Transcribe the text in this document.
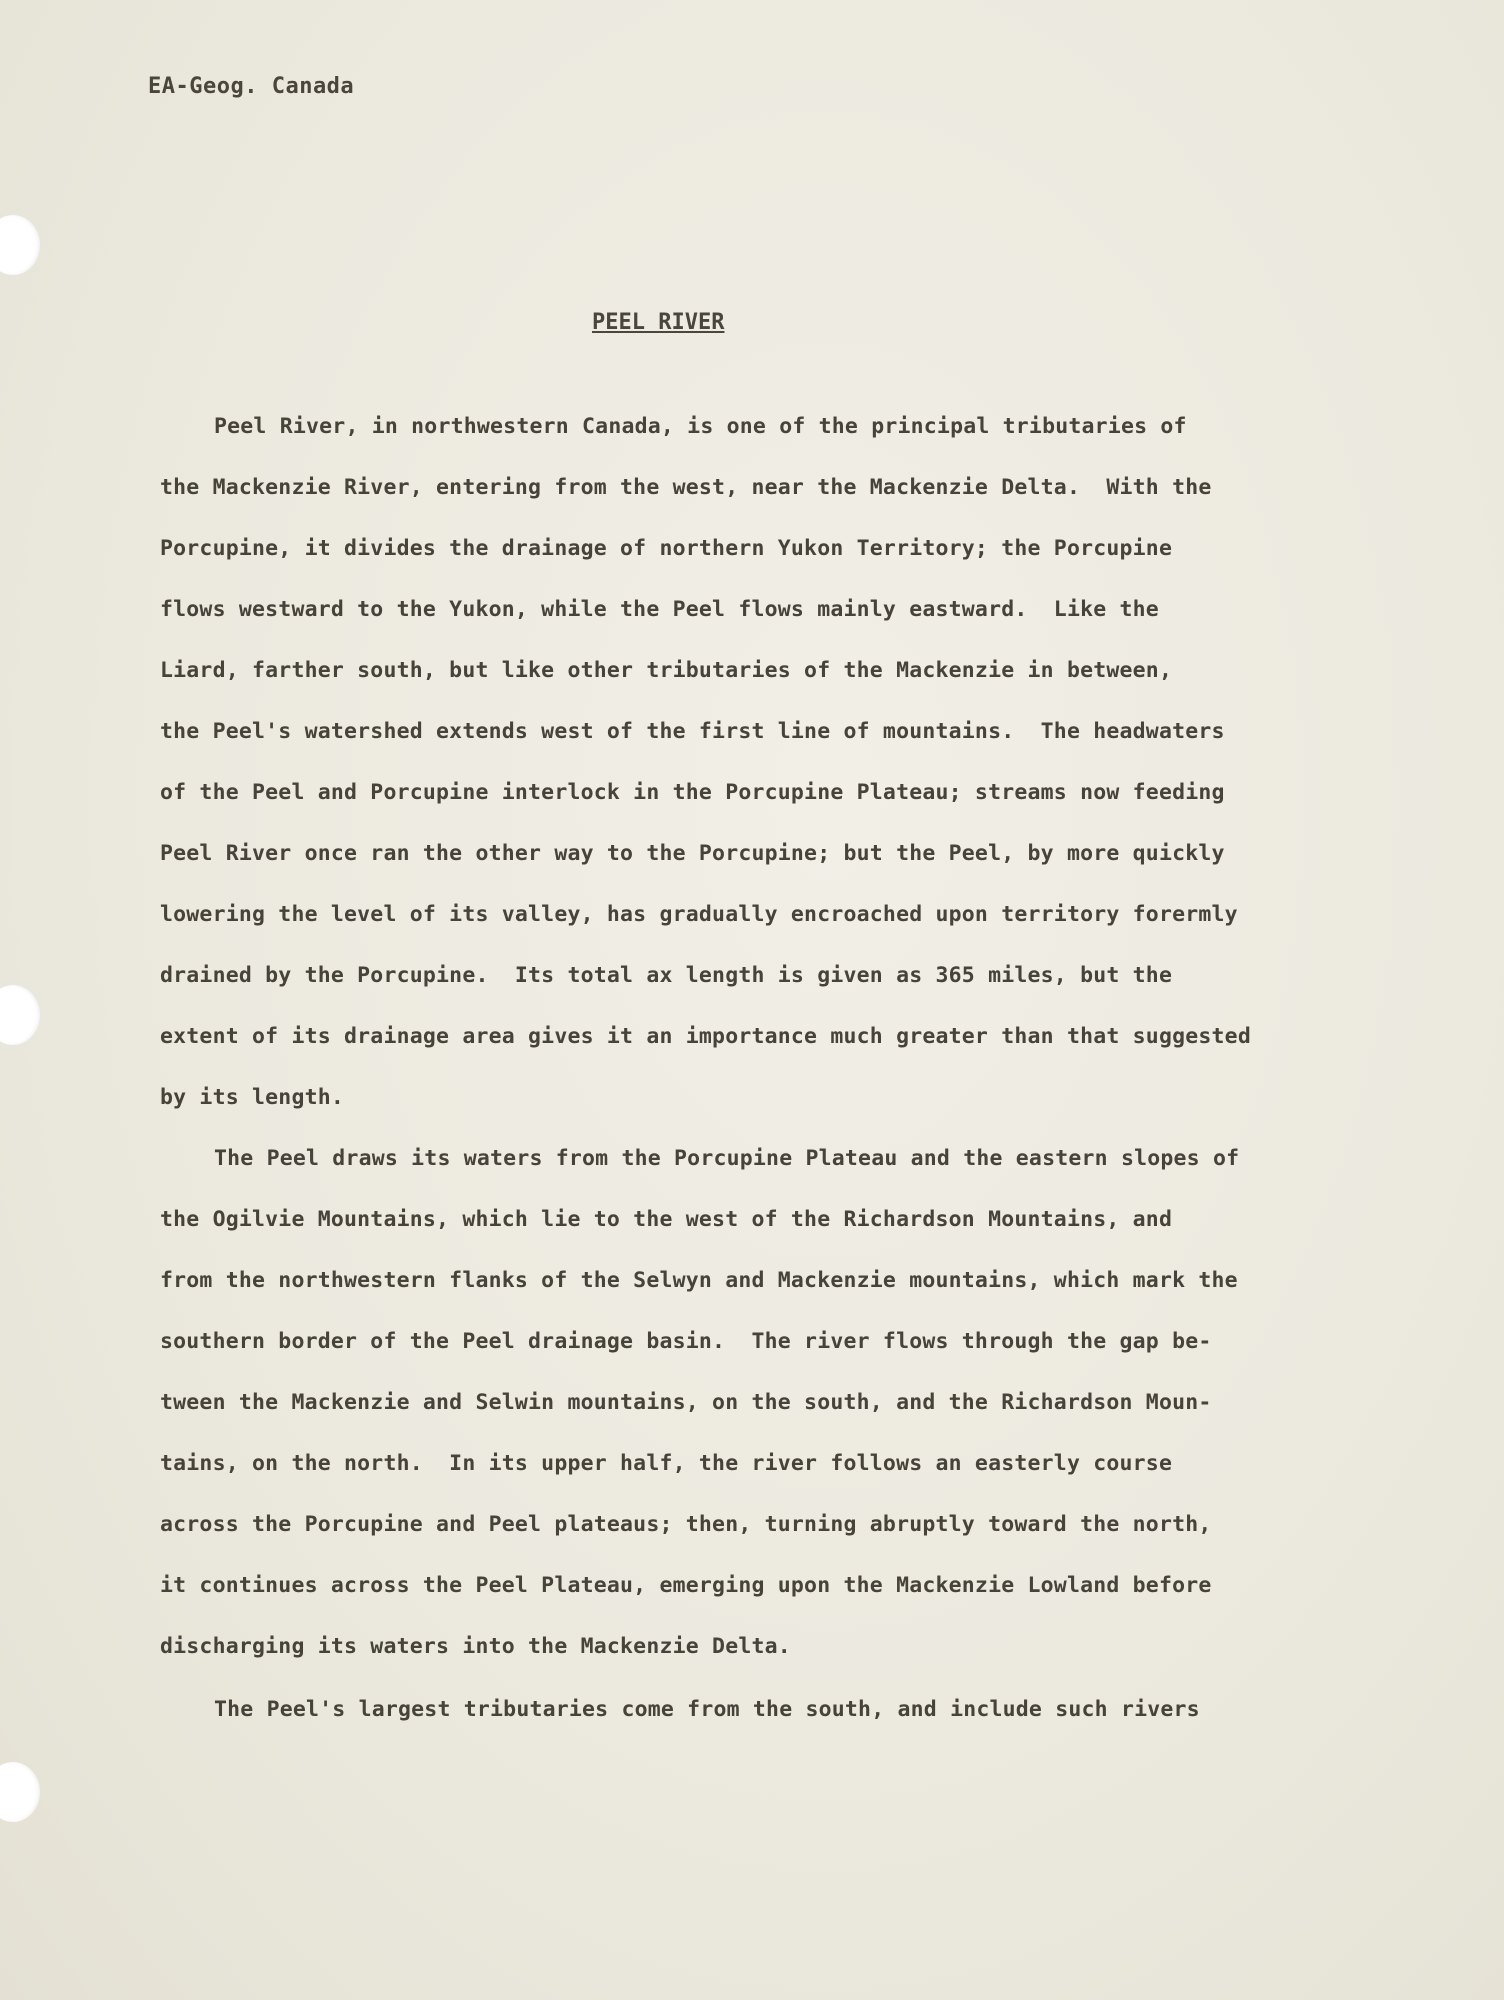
EA-Geog. Canada
PEEL RIVER
Peel River, in northwestern Canada, is one of the principal tributaries of
the Mackenzie River, entering from the west, near the Mackenzie Delta.  With the
Porcupine, it divides the drainage of northern Yukon Territory; the Porcupine
flows westward to the Yukon, while the Peel flows mainly eastward.  Like the
Liard, farther south, but like other tributaries of the Mackenzie in between,
the Peel's watershed extends west of the first line of mountains.  The headwaters
of the Peel and Porcupine interlock in the Porcupine Plateau; streams now feeding
Peel River once ran the other way to the Porcupine; but the Peel, by more quickly
lowering the level of its valley, has gradually encroached upon territory forermly
drained by the Porcupine.  Its total ax length is given as 365 miles, but the
extent of its drainage area gives it an importance much greater than that suggested
by its length.
The Peel draws its waters from the Porcupine Plateau and the eastern slopes of
the Ogilvie Mountains, which lie to the west of the Richardson Mountains, and
from the northwestern flanks of the Selwyn and Mackenzie mountains, which mark the
southern border of the Peel drainage basin.  The river flows through the gap be-
tween the Mackenzie and Selwin mountains, on the south, and the Richardson Moun-
tains, on the north.  In its upper half, the river follows an easterly course
across the Porcupine and Peel plateaus; then, turning abruptly toward the north,
it continues across the Peel Plateau, emerging upon the Mackenzie Lowland before
discharging its waters into the Mackenzie Delta.
The Peel's largest tributaries come from the south, and include such rivers
